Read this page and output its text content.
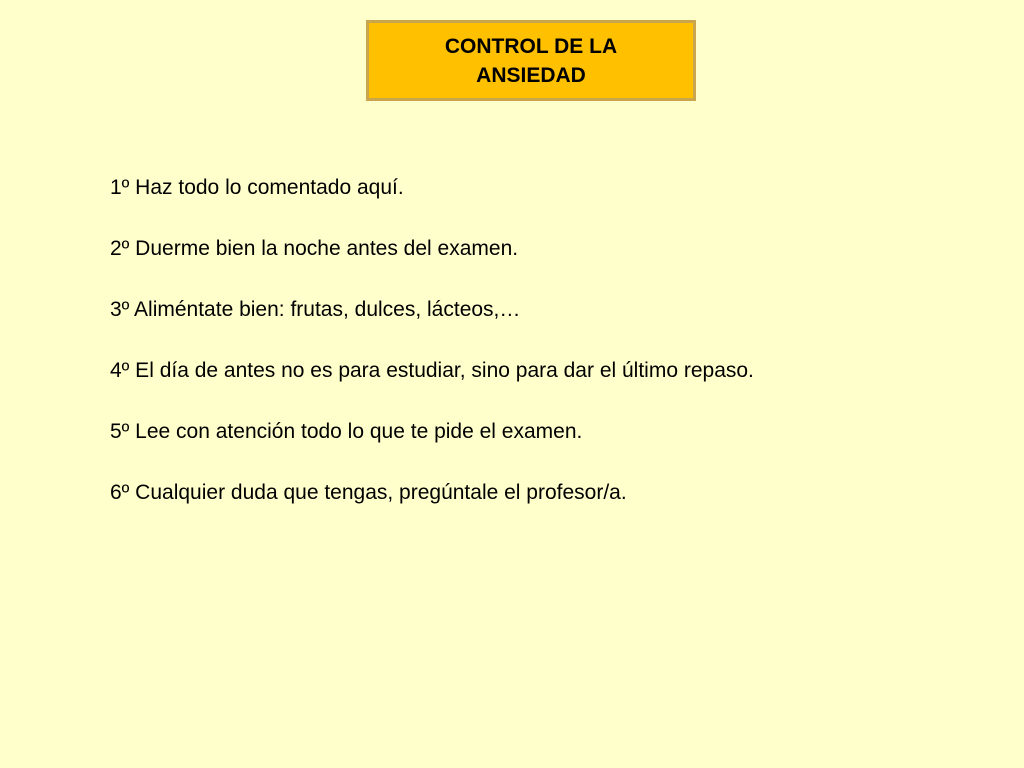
CONTROL DE LA ANSIEDAD
1º Haz todo lo comentado aquí.
2º Duerme bien la noche antes del examen.
3º Aliméntate bien: frutas, dulces, lácteos,…
4º El día de antes no es para estudiar, sino para dar el último repaso.
5º Lee con atención todo lo que te pide el examen.
6º Cualquier duda que tengas, pregúntale el profesor/a.
